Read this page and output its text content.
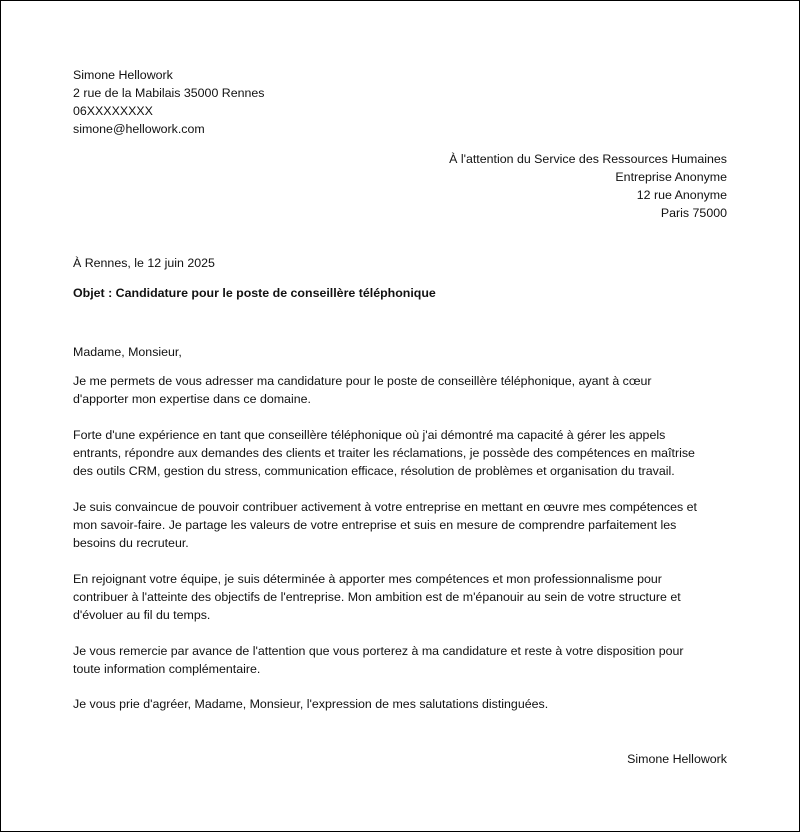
Simone Hellowork
2 rue de la Mabilais 35000 Rennes
06XXXXXXXX
simone@hellowork.com
À l'attention du Service des Ressources Humaines
Entreprise Anonyme
12 rue Anonyme
Paris 75000
À Rennes, le 12 juin 2025
Objet : Candidature pour le poste de conseillère téléphonique
Madame, Monsieur,

Je me permets de vous adresser ma candidature pour le poste de conseillère téléphonique, ayant à cœur
d'apporter mon expertise dans ce domaine.

Forte d'une expérience en tant que conseillère téléphonique où j'ai démontré ma capacité à gérer les appels
entrants, répondre aux demandes des clients et traiter les réclamations, je possède des compétences en maîtrise
des outils CRM, gestion du stress, communication efficace, résolution de problèmes et organisation du travail.

Je suis convaincue de pouvoir contribuer activement à votre entreprise en mettant en œuvre mes compétences et
mon savoir-faire. Je partage les valeurs de votre entreprise et suis en mesure de comprendre parfaitement les
besoins du recruteur.

En rejoignant votre équipe, je suis déterminée à apporter mes compétences et mon professionnalisme pour
contribuer à l'atteinte des objectifs de l'entreprise. Mon ambition est de m'épanouir au sein de votre structure et
d'évoluer au fil du temps.

Je vous remercie par avance de l'attention que vous porterez à ma candidature et reste à votre disposition pour
toute information complémentaire.

Je vous prie d'agréer, Madame, Monsieur, l'expression de mes salutations distinguées.
Simone Hellowork
